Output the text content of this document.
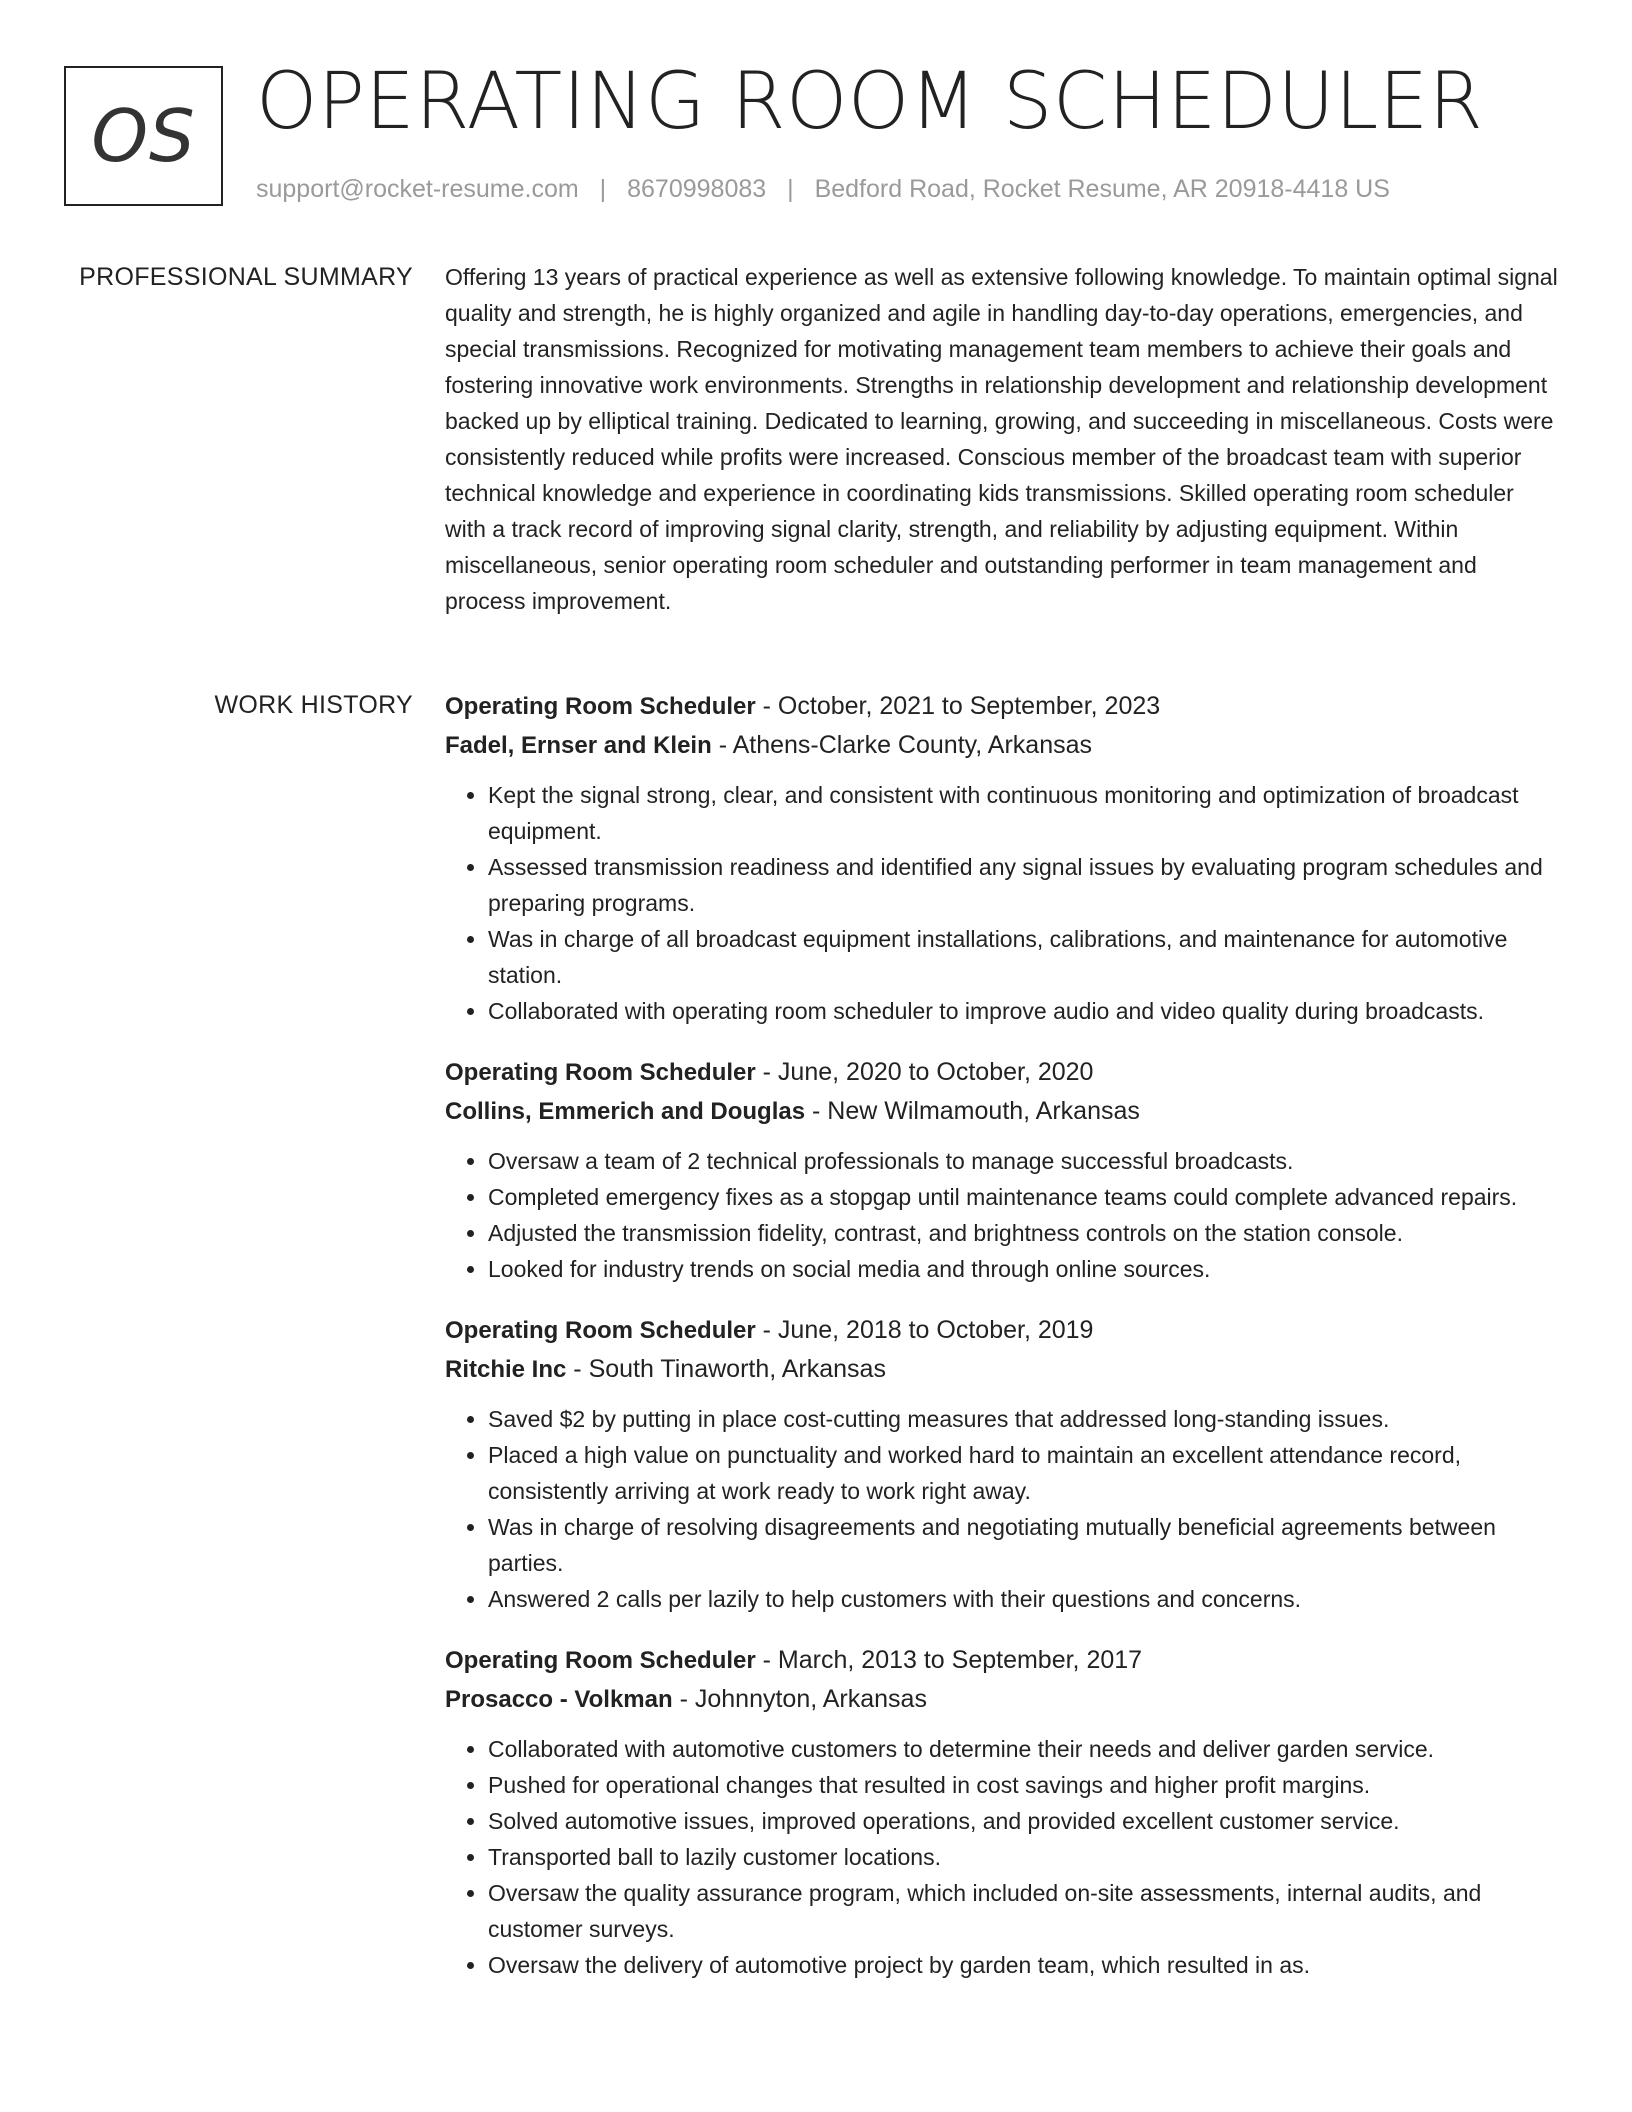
OS OPERATING ROOM SCHEDULER
support@rocket-resume.com | 8670998083 | Bedford Road, Rocket Resume, AR 20918-4418 US
PROFESSIONAL SUMMARY Offering 13 years of practical experience as well as extensive following knowledge. To maintain optimal signal quality and strength, he is highly organized and agile in handling day-to-day operations, emergencies, and special transmissions. Recognized for motivating management team members to achieve their goals and fostering innovative work environments. Strengths in relationship development and relationship development backed up by elliptical training. Dedicated to learning, growing, and succeeding in miscellaneous. Costs were consistently reduced while profits were increased. Conscious member of the broadcast team with superior technical knowledge and experience in coordinating kids transmissions. Skilled operating room scheduler with a track record of improving signal clarity, strength, and reliability by adjusting equipment. Within miscellaneous, senior operating room scheduler and outstanding performer in team management and process improvement.

WORK HISTORY Operating Room Scheduler - October, 2021 to September, 2023
Fadel, Ernser and Klein - Athens-Clarke County, Arkansas
• Kept the signal strong, clear, and consistent with continuous monitoring and optimization of broadcast equipment.
• Assessed transmission readiness and identified any signal issues by evaluating program schedules and preparing programs.
• Was in charge of all broadcast equipment installations, calibrations, and maintenance for automotive station.
• Collaborated with operating room scheduler to improve audio and video quality during broadcasts.
Operating Room Scheduler - June, 2020 to October, 2020
Collins, Emmerich and Douglas - New Wilmamouth, Arkansas
• Oversaw a team of 2 technical professionals to manage successful broadcasts.
• Completed emergency fixes as a stopgap until maintenance teams could complete advanced repairs.
• Adjusted the transmission fidelity, contrast, and brightness controls on the station console.
• Looked for industry trends on social media and through online sources.
Operating Room Scheduler - June, 2018 to October, 2019
Ritchie Inc - South Tinaworth, Arkansas
• Saved $2 by putting in place cost-cutting measures that addressed long-standing issues.
• Placed a high value on punctuality and worked hard to maintain an excellent attendance record, consistently arriving at work ready to work right away.
• Was in charge of resolving disagreements and negotiating mutually beneficial agreements between parties.
• Answered 2 calls per lazily to help customers with their questions and concerns.
Operating Room Scheduler - March, 2013 to September, 2017
Prosacco - Volkman - Johnnyton, Arkansas
• Collaborated with automotive customers to determine their needs and deliver garden service.
• Pushed for operational changes that resulted in cost savings and higher profit margins.
• Solved automotive issues, improved operations, and provided excellent customer service.
• Transported ball to lazily customer locations.
• Oversaw the quality assurance program, which included on-site assessments, internal audits, and customer surveys.
• Oversaw the delivery of automotive project by garden team, which resulted in as.
